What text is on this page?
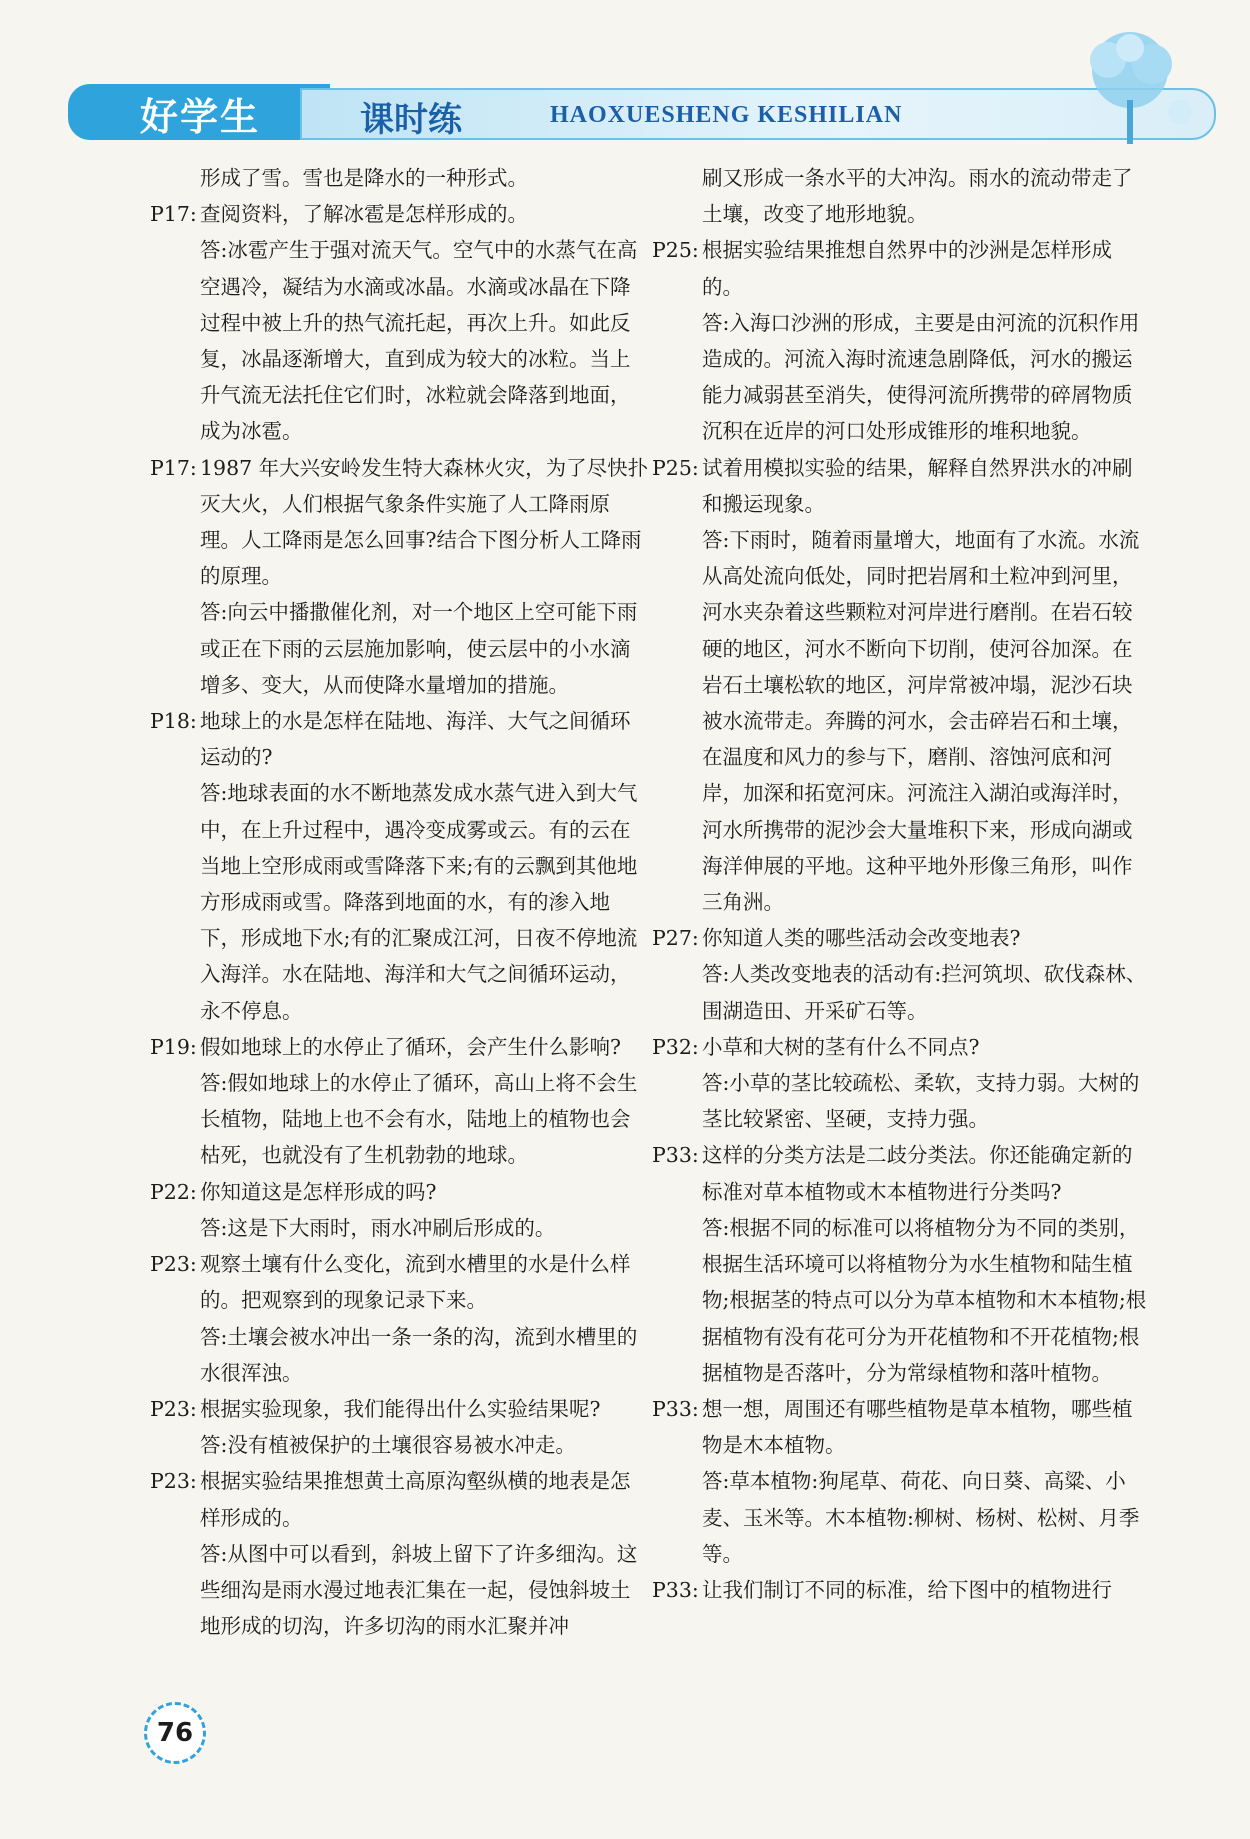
好学生	课时练	HAOXUESHENG KESHILIAN
形成了雪。雪也是降水的一种形式。
P17: 查阅资料，了解冰雹是怎样形成的。
答:冰雹产生于强对流天气。空气中的水蒸气在高空遇冷，凝结为水滴或冰晶。水滴或冰晶在下降过程中被上升的热气流托起，再次上升。如此反复，冰晶逐渐增大，直到成为较大的冰粒。当上升气流无法托住它们时，冰粒就会降落到地面，成为冰雹。
P17: 1987 年大兴安岭发生特大森林火灾，为了尽快扑灭大火，人们根据气象条件实施了人工降雨原理。人工降雨是怎么回事?结合下图分析人工降雨的原理。
答:向云中播撒催化剂，对一个地区上空可能下雨或正在下雨的云层施加影响，使云层中的小水滴增多、变大，从而使降水量增加的措施。
P18: 地球上的水是怎样在陆地、海洋、大气之间循环运动的?
答:地球表面的水不断地蒸发成水蒸气进入到大气中，在上升过程中，遇冷变成雾或云。有的云在当地上空形成雨或雪降落下来;有的云飘到其他地方形成雨或雪。降落到地面的水，有的渗入地下，形成地下水;有的汇聚成江河，日夜不停地流入海洋。水在陆地、海洋和大气之间循环运动，永不停息。
P19: 假如地球上的水停止了循环，会产生什么影响?
答:假如地球上的水停止了循环，高山上将不会生长植物，陆地上也不会有水，陆地上的植物也会枯死，也就没有了生机勃勃的地球。
P22: 你知道这是怎样形成的吗?
答:这是下大雨时，雨水冲刷后形成的。
P23: 观察土壤有什么变化，流到水槽里的水是什么样的。把观察到的现象记录下来。
答:土壤会被水冲出一条一条的沟，流到水槽里的水很浑浊。
P23: 根据实验现象，我们能得出什么实验结果呢?
答:没有植被保护的土壤很容易被水冲走。
P23: 根据实验结果推想黄土高原沟壑纵横的地表是怎样形成的。
答:从图中可以看到，斜坡上留下了许多细沟。这些细沟是雨水漫过地表汇集在一起，侵蚀斜坡土地形成的切沟，许多切沟的雨水汇聚并冲
刷又形成一条水平的大冲沟。雨水的流动带走了土壤，改变了地形地貌。
P25: 根据实验结果推想自然界中的沙洲是怎样形成的。
答:入海口沙洲的形成，主要是由河流的沉积作用造成的。河流入海时流速急剧降低，河水的搬运能力减弱甚至消失，使得河流所携带的碎屑物质沉积在近岸的河口处形成锥形的堆积地貌。
P25: 试着用模拟实验的结果，解释自然界洪水的冲刷和搬运现象。
答:下雨时，随着雨量增大，地面有了水流。水流从高处流向低处，同时把岩屑和土粒冲到河里，河水夹杂着这些颗粒对河岸进行磨削。在岩石较硬的地区，河水不断向下切削，使河谷加深。在岩石土壤松软的地区，河岸常被冲塌，泥沙石块被水流带走。奔腾的河水，会击碎岩石和土壤，在温度和风力的参与下，磨削、溶蚀河底和河岸，加深和拓宽河床。河流注入湖泊或海洋时，河水所携带的泥沙会大量堆积下来，形成向湖或海洋伸展的平地。这种平地外形像三角形，叫作三角洲。
P27: 你知道人类的哪些活动会改变地表?
答:人类改变地表的活动有:拦河筑坝、砍伐森林、围湖造田、开采矿石等。
P32: 小草和大树的茎有什么不同点?
答:小草的茎比较疏松、柔软，支持力弱。大树的茎比较紧密、坚硬，支持力强。
P33: 这样的分类方法是二歧分类法。你还能确定新的标准对草本植物或木本植物进行分类吗?
答:根据不同的标准可以将植物分为不同的类别，根据生活环境可以将植物分为水生植物和陆生植物;根据茎的特点可以分为草本植物和木本植物;根据植物有没有花可分为开花植物和不开花植物;根据植物是否落叶，分为常绿植物和落叶植物。
P33: 想一想，周围还有哪些植物是草本植物，哪些植物是木本植物。
答:草本植物:狗尾草、荷花、向日葵、高粱、小麦、玉米等。木本植物:柳树、杨树、松树、月季等。
P33: 让我们制订不同的标准，给下图中的植物进行
76
